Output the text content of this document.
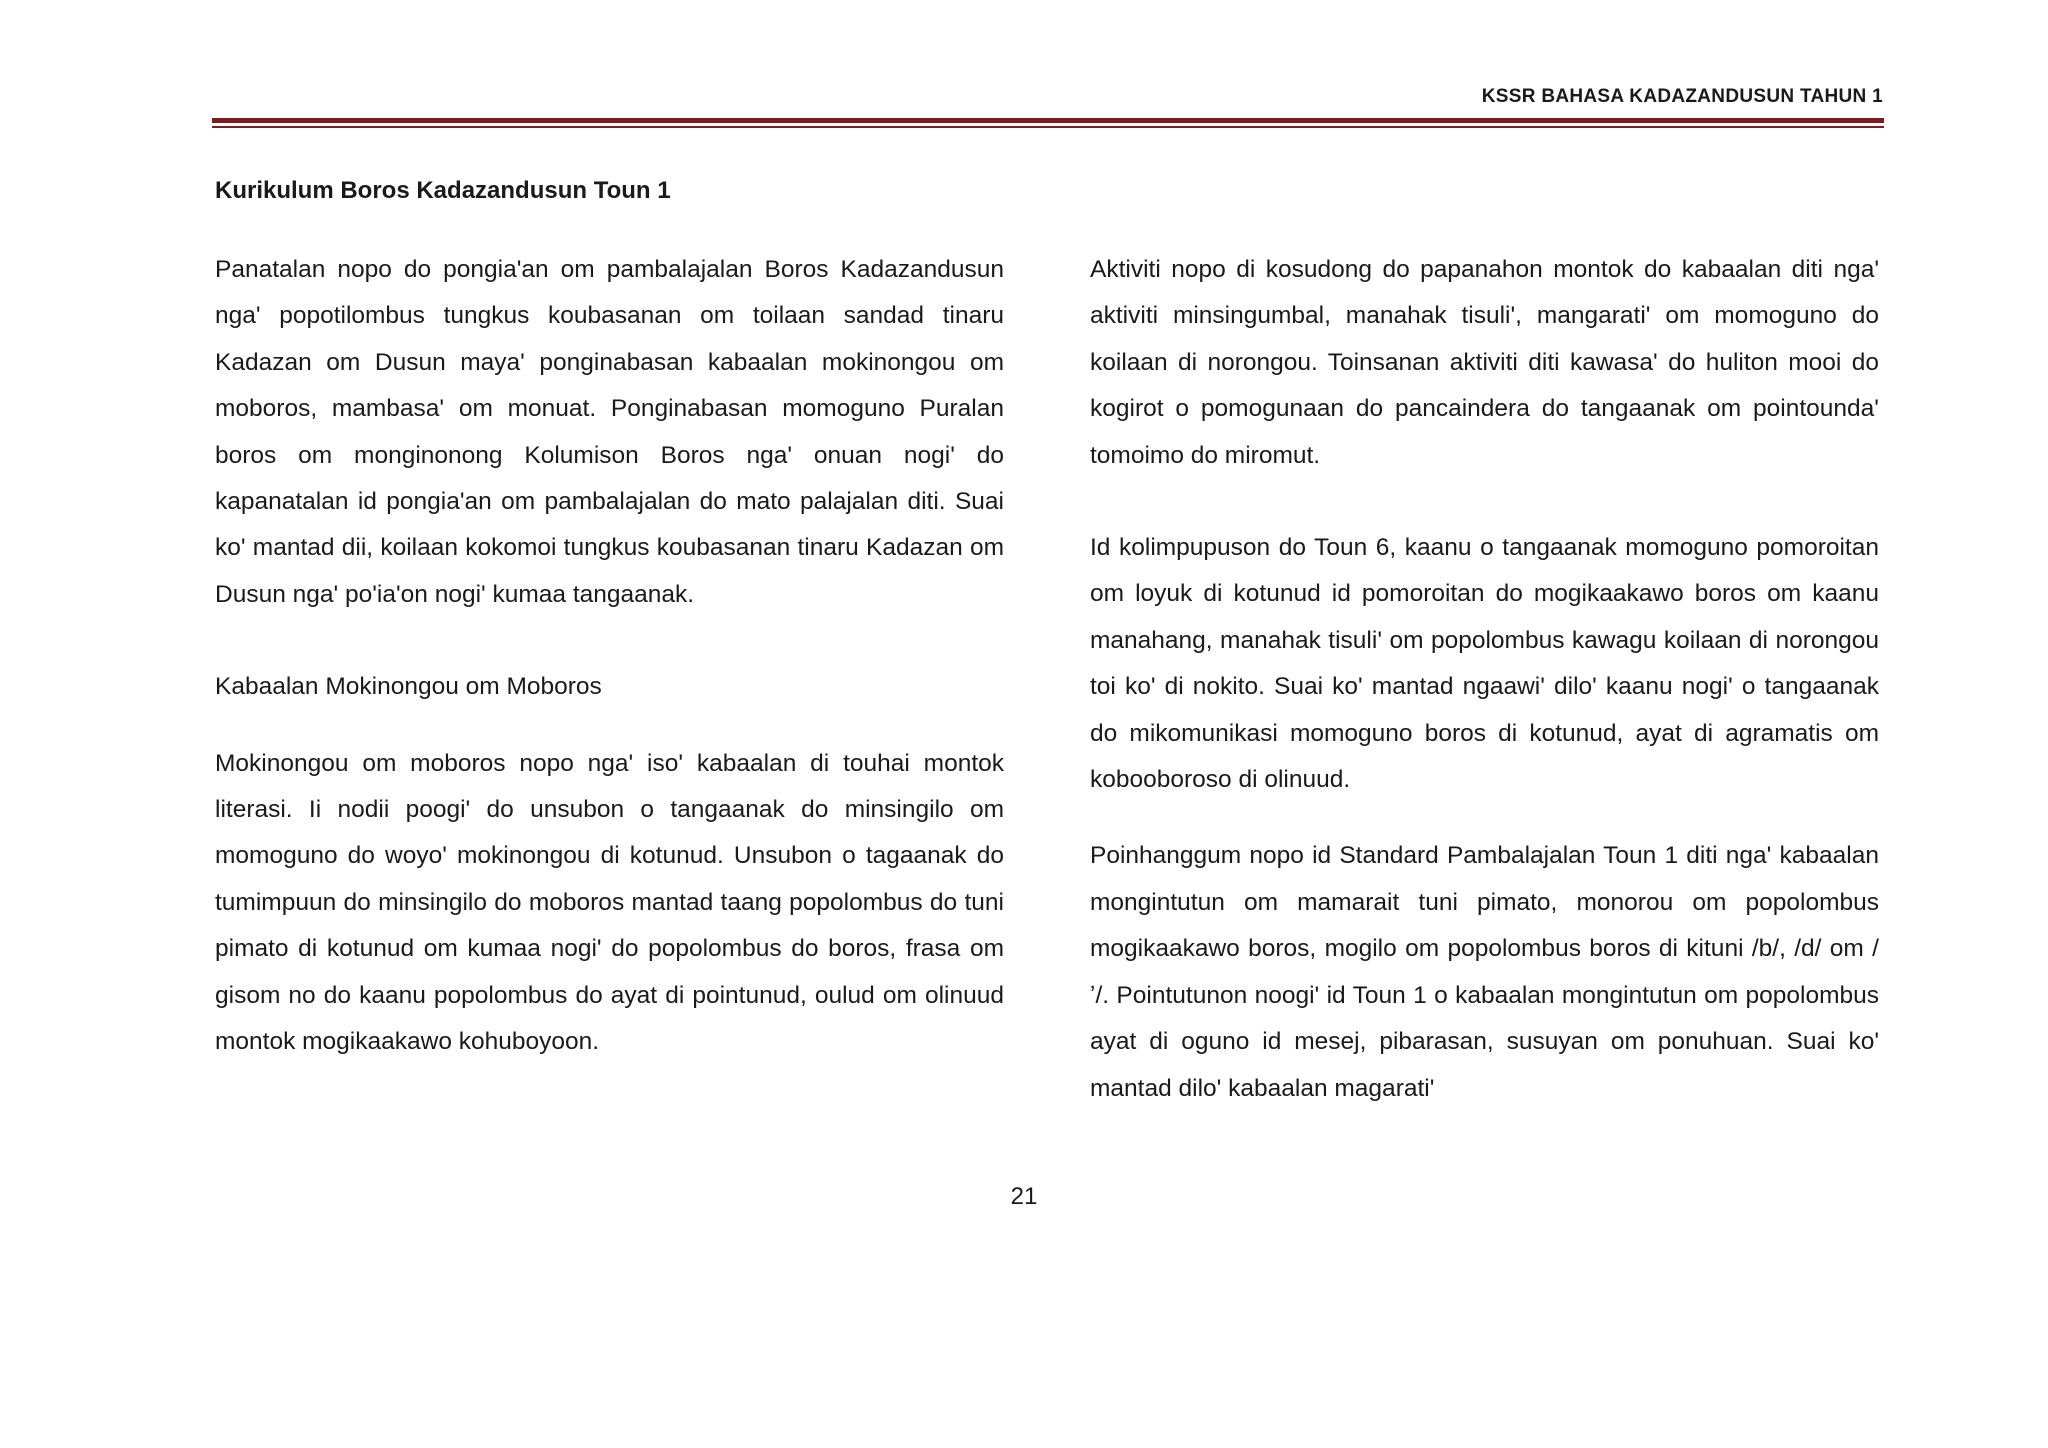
KSSR BAHASA KADAZANDUSUN TAHUN 1
Kurikulum Boros Kadazandusun Toun 1

Panatalan nopo do pongia'an om pambalajalan Boros Kadazandusun nga' popotilombus tungkus koubasanan om toilaan sandad tinaru Kadazan om Dusun maya' ponginabasan kabaalan mokinongou om moboros, mambasa' om monuat. Ponginabasan momoguno Puralan boros om monginonong Kolumison Boros nga' onuan nogi' do kapanatalan id pongia'an om pambalajalan do mato palajalan diti. Suai ko' mantad dii, koilaan kokomoi tungkus koubasanan tinaru Kadazan om Dusun nga' po'ia'on nogi' kumaa tangaanak.

Kabaalan Mokinongou om Moboros

Mokinongou om moboros nopo nga' iso' kabaalan di touhai montok literasi. Ii nodii poogi' do unsubon o tangaanak do minsingilo om momoguno do woyo' mokinongou di kotunud. Unsubon o tagaanak do tumimpuun do minsingilo do moboros mantad taang popolombus do tuni pimato di kotunud om kumaa nogi' do popolombus do boros, frasa om gisom no do kaanu popolombus do ayat di pointunud, oulud om olinuud montok mogikaakawo kohuboyoon.

Aktiviti nopo di kosudong do papanahon montok do kabaalan diti nga' aktiviti minsingumbal, manahak tisuli', mangarati' om momoguno do koilaan di norongou. Toinsanan aktiviti diti kawasa' do huliton mooi do kogirot o pomogunaan do pancaindera do tangaanak om pointounda' tomoimo do miromut.

Id kolimpupuson do Toun 6, kaanu o tangaanak momoguno pomoroitan om loyuk di kotunud id pomoroitan do mogikaakawo boros om kaanu manahang, manahak tisuli' om popolombus kawagu koilaan di norongou toi ko' di nokito. Suai ko' mantad ngaawi' dilo' kaanu nogi' o tangaanak do mikomunikasi momoguno boros di kotunud, ayat di agramatis om kobooboroso di olinuud.

Poinhanggum nopo id Standard Pambalajalan Toun 1 diti nga' kabaalan mongintutun om mamarait tuni pimato, monorou om popolombus mogikaakawo boros, mogilo om popolombus boros di kituni /b/, /d/ om /ʼ/. Pointutunon noogi' id Toun 1 o kabaalan mongintutun om popolombus ayat di oguno id mesej, pibarasan, susuyan om ponuhuan. Suai ko' mantad dilo' kabaalan magarati'

21
